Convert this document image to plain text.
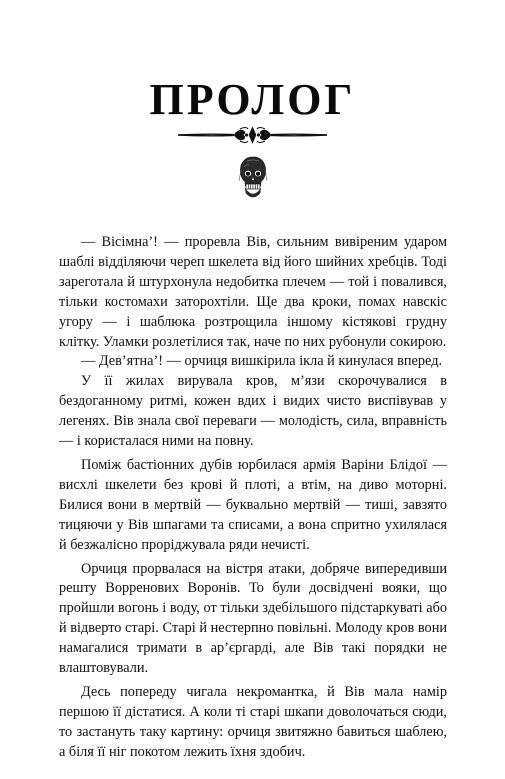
ПРОЛОГ

— Вісімна’! — проревла Вів, сильним вивіреним ударом шаблі відділяючи череп шкелета від його шийних хребців. Тоді зареготала й штурхонула недобитка плечем — той і повалився, тільки костомахи заторохтіли. Ще два кроки, помах навскіс угору — і шаблюка розтрощила іншому кістякові грудну клітку. Уламки розлетілися так, наче по них рубонули сокирою.

— Дев’ятна’! — орчиця вишкірила ікла й кинулася вперед.

У її жилах вирувала кров, м’язи скорочувалися в бездоганному ритмі, кожен вдих і видих чисто виспівував у легенях. Вів знала свої переваги — молодість, сила, вправність — і користалася ними на повну.

Поміж бастіонних дубів юрбилася армія Варіни Блідої — висхлі шкелети без крові й плоті, а втім, на диво моторні. Билися вони в мертвій — буквально мертвій — тиші, завзято тицяючи у Вів шпагами та списами, а вона спритно ухилялася й безжалісно проріджувала ряди нечисті.

Орчиця прорвалася на вістря атаки, добряче випередивши решту Ворренових Воронів. То були досвідчені вояки, що пройшли вогонь і воду, от тільки здебільшого підстаркуваті або й відверто старі. Старі й нестерпно повільні. Молоду кров вони намагалися тримати в ар’єргарді, але Вів такі порядки не влаштовували.

Десь попереду чигала некромантка, й Вів мала намір першою її дістатися. А коли ті старі шкапи доволочаться сюди, то застануть таку картину: орчиця звитяжно бавиться шаблею, а біля її ніг покотом лежить їхня здобич.
